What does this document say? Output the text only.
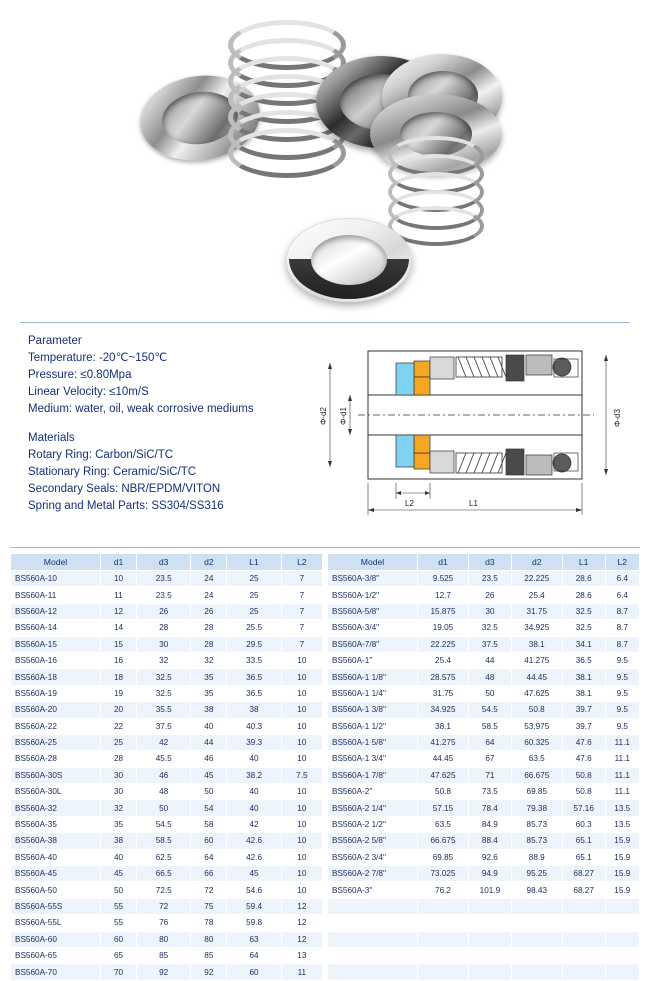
Parameter
Temperature: -20℃~150℃
Pressure: ≤0.80Mpa
Linear Velocity: ≤10m/S
Medium: water, oil, weak corrosive mediums
Materials
Rotary Ring: Carbon/SiC/TC
Stationary Ring: Ceramic/SiC/TC
Secondary Seals: NBR/EPDM/VITON
Spring and Metal Parts: SS304/SS316	L2	L1
Φ-d2 Φ-d1	Φ-d3
Model	d1	d3	d2	L1	L2
BS560A-10	10	23.5	24	25	7
BS560A-11	11	23.5	24	25	7
BS560A-12	12	26	26	25	7
BS560A-14	14	28	28	25.5	7
BS560A-15	15	30	28	29.5	7
BS560A-16	16	32	32	33.5	10
BS560A-18	18	32.5	35	36.5	10
BS560A-19	19	32.5	35	36.5	10
BS560A-20	20	35.5	38	38	10
BS560A-22	22	37.5	40	40.3	10
BS560A-25	25	42	44	39.3	10
BS560A-28	28	45.5	46	40	10
BS560A-30S	30	46	45	38.2	7.5
BS560A-30L	30	48	50	40	10
BS560A-32	32	50	54	40	10
BS560A-35	35	54.5	58	42	10
BS560A-38	38	58.5	60	42.6	10
BS560A-40	40	62.5	64	42.6	10
BS560A-45	45	66.5	66	45	10
BS560A-50	50	72.5	72	54.6	10
BS560A-55S	55	72	75	59.4	12
BS560A-55L	55	76	78	59.8	12
BS560A-60	60	80	80	63	12
BS560A-65	65	85	85	64	13
BS560A-70	70	92	92	60	11
Model	d1	d3	d2	L1	L2
BS560A-3/8"	9.525	23.5	22.225	28.6	6.4
BS560A-1/2"	12.7	26	25.4	28.6	6.4
BS560A-5/8"	15.875	30	31.75	32.5	8.7
BS560A-3/4"	19.05	32.5	34.925	32.5	8.7
BS560A-7/8"	22.225	37.5	38.1	34.1	8.7
BS560A-1"	25.4	44	41.275	36.5	9.5
BS560A-1 1/8"	28.575	48	44.45	38.1	9.5
BS560A-1 1/4"	31.75	50	47.625	38.1	9.5
BS560A-1 3/8"	34.925	54.5	50.8	39.7	9.5
BS560A-1 1/2"	38.1	58.5	53.975	39.7	9.5
BS560A-1 5/8"	41.275	64	60.325	47.6	11.1
BS560A-1 3/4"	44.45	67	63.5	47.6	11.1
BS560A-1 7/8"	47.625	71	66.675	50.8	11.1
BS560A-2"	50.8	73.5	69.85	50.8	11.1
BS560A-2 1/4"	57.15	78.4	79.38	57.16	13.5
BS560A-2 1/2"	63.5	84.9	85.73	60.3	13.5
BS560A-2 5/8"	66.675	88.4	85.73	65.1	15.9
BS560A-2 3/4"	69.85	92.6	88.9	65.1	15.9
BS560A-2 7/8"	73.025	94.9	95.25	68.27	15.9
BS560A-3"	76.2	101.9	98.43	68.27	15.9
